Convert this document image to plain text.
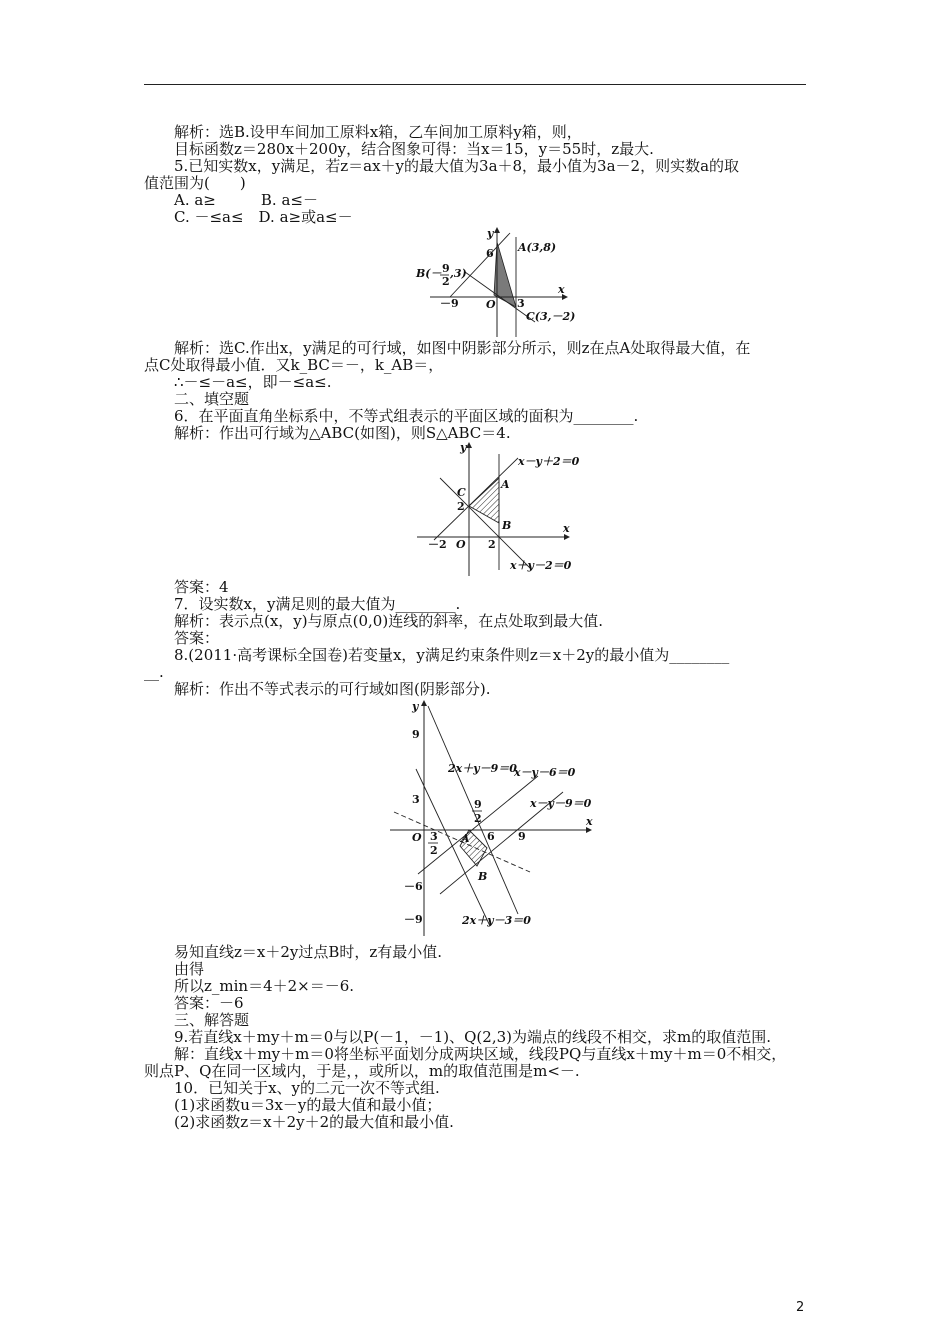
解析：选B.设甲车间加工原料x箱，乙车间加工原料y箱，则，
目标函数z＝280x＋200y，结合图象可得：当x＝15，y＝55时，z最大.
5.已知实数x，y满足，若z＝ax＋y的最大值为3a＋8，最小值为3a－2，则实数a的取
值范围为(　　)
A. a≥　　　B. a≤－
C. －≤a≤　D. a≥或a≤－
y
x
A(3,8)
6
B(－ 9
2
,3)
－9 O 3
C(3,－2)
解析：选C.作出x，y满足的可行域，如图中阴影部分所示，则z在点A处取得最大值，在
点C处取得最小值．又k_BC＝－，k_AB＝，
∴－≤－a≤，即－≤a≤.
二、填空题
6．在平面直角坐标系中，不等式组表示的平面区域的面积为________.
解析：作出可行域为△ABC(如图)，则S△ABC＝4.
y
x
x－y＋2＝0
A
C
2
B
－2 O 2
x＋y－2＝0
答案：4
7．设实数x，y满足则的最大值为________.
解析：表示点(x，y)与原点(0,0)连线的斜率，在点处取到最大值.
答案：
8.(2011·高考课标全国卷)若变量x，y满足约束条件则z＝x＋2y的最小值为________
__.
解析：作出不等式表示的可行域如图(阴影部分).
y
x
9
2x＋y－9＝0
x－y－6＝0
x－y－9＝0
3	9
2
O 3
2
A 6 9
B
－6
－9	2x＋y－3＝0
易知直线z＝x＋2y过点B时，z有最小值.
由得
所以z_min＝4＋2×＝－6.
答案：－6
三、解答题
9.若直线x＋my＋m＝0与以P(－1，－1)、Q(2,3)为端点的线段不相交，求m的取值范围.
解：直线x＋my＋m＝0将坐标平面划分成两块区域，线段PQ与直线x＋my＋m＝0不相交，
则点P、Q在同一区域内，于是，，或所以，m的取值范围是m<－.
10．已知关于x、y的二元一次不等式组.
(1)求函数u＝3x－y的最大值和最小值；
(2)求函数z＝x＋2y＋2的最大值和最小值.
2
